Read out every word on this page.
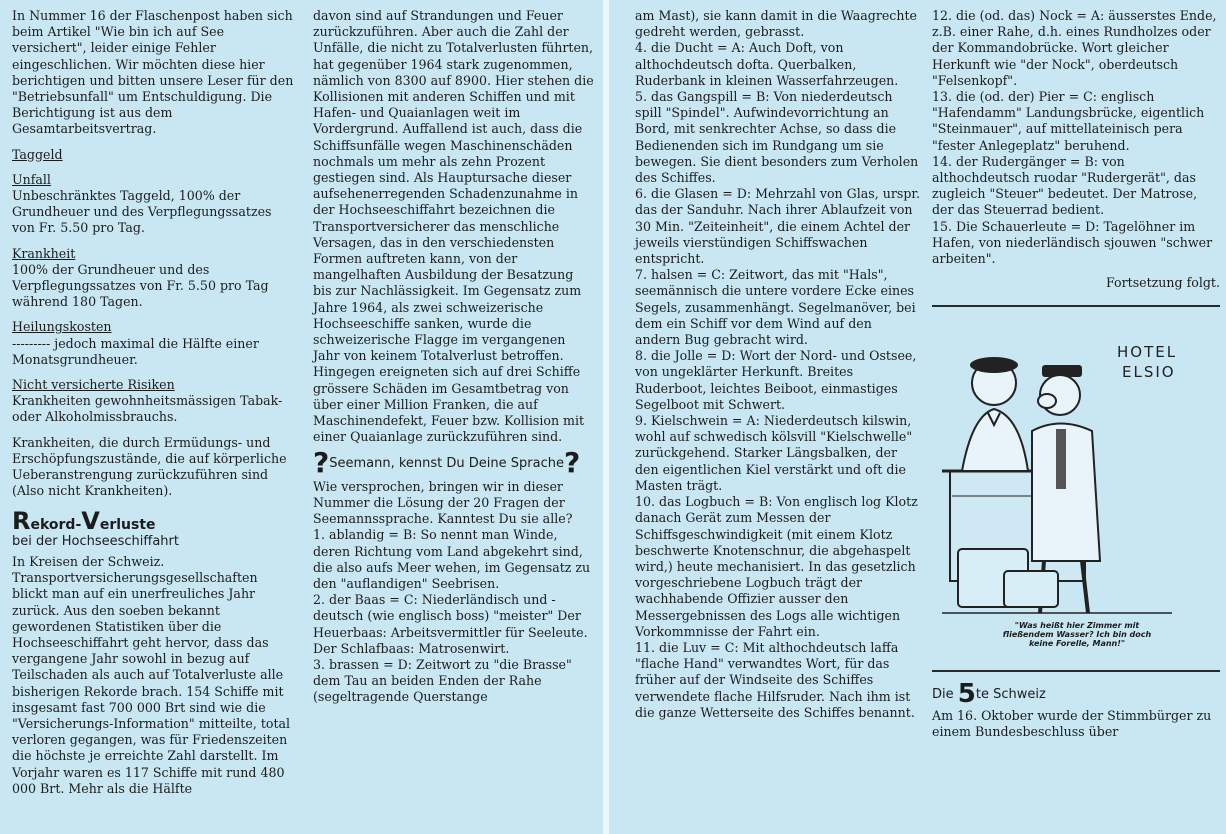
In Nummer 16 der Flaschenpost haben sich beim Artikel "Wie bin ich auf See versichert", leider einige Fehler eingeschlichen. Wir möchten diese hier berichtigen und bitten unsere Leser für den "Betriebsunfall" um Entschuldigung. Die Berichtigung ist aus dem Gesamtarbeitsvertrag.

Taggeld

Unfall

Unbeschränktes Taggeld, 100% der Grundheuer und des Verpflegungssatzes von Fr. 5.50 pro Tag.

Krankheit

100% der Grundheuer und des Verpflegungssatzes von Fr. 5.50 pro Tag während 180 Tagen.

Heilungskosten

--------- jedoch maximal die Hälfte einer Monatsgrundheuer.

Nicht versicherte Risiken

Krankheiten gewohnheitsmässigen Tabak- oder Alkoholmissbrauchs.

Krankheiten, die durch Ermüdungs- und Erschöpfungszustände, die auf körperliche Ueberanstrengung zurückzuführen sind (Also nicht Krankheiten).

Rekord-Verluste

bei der Hochseeschiffahrt

In Kreisen der Schweiz. Transportversicherungsgesellschaften blickt man auf ein unerfreuliches Jahr zurück. Aus den soeben bekannt gewordenen Statistiken über die Hochseeschiffahrt geht hervor, dass das vergangene Jahr sowohl in bezug auf Teilschaden als auch auf Totalverluste alle bisherigen Rekorde brach. 154 Schiffe mit insgesamt fast 700 000 Brt sind wie die "Versicherungs-Information" mitteilte, total verloren gegangen, was für Friedenszeiten die höchste je erreichte Zahl darstellt. Im Vorjahr waren es 117 Schiffe mit rund 480 000 Brt. Mehr als die Hälfte

davon sind auf Strandungen und Feuer zurückzuführen. Aber auch die Zahl der Unfälle, die nicht zu Totalverlusten führten, hat gegenüber 1964 stark zugenommen, nämlich von 8300 auf 8900. Hier stehen die Kollisionen mit anderen Schiffen und mit Hafen- und Quaianlagen weit im Vordergrund. Auffallend ist auch, dass die Schiffsunfälle wegen Maschinenschäden nochmals um mehr als zehn Prozent gestiegen sind. Als Hauptursache dieser aufsehenerregenden Schadenzunahme in der Hochseeschiffahrt bezeichnen die Transportversicherer das menschliche Versagen, das in den verschiedensten Formen auftreten kann, von der mangelhaften Ausbildung der Besatzung bis zur Nachlässigkeit. Im Gegensatz zum Jahre 1964, als zwei schweizerische Hochseeschiffe sanken, wurde die schweizerische Flagge im vergangenen Jahr von keinem Totalverlust betroffen. Hingegen ereigneten sich auf drei Schiffe grössere Schäden im Gesamtbetrag von über einer Million Franken, die auf Maschinendefekt, Feuer bzw. Kollision mit einer Quaianlage zurückzuführen sind.

?Seemann, kennst Du Deine Sprache?

Wie versprochen, bringen wir in dieser Nummer die Lösung der 20 Fragen der Seemannssprache. Kanntest Du sie alle?

1. ablandig = B: So nennt man Winde, deren Richtung vom Land abgekehrt sind, die also aufs Meer wehen, im Gegensatz zu den "auflandigen" Seebrisen.

2. der Baas = C: Niederländisch und -deutsch (wie englisch boss) "meister" Der Heuerbaas: Arbeitsvermittler für Seeleute. Der Schlafbaas: Matrosenwirt.

3. brassen = D: Zeitwort zu "die Brasse" dem Tau an beiden Enden der Rahe (segeltragende Querstange

am Mast), sie kann damit in die Waagrechte gedreht werden, gebrasst.

4. die Ducht = A: Auch Doft, von althochdeutsch dofta. Querbalken, Ruderbank in kleinen Wasserfahrzeugen.

5. das Gangspill = B: Von niederdeutsch spill "Spindel". Aufwindevorrichtung an Bord, mit senkrechter Achse, so dass die Bedienenden sich im Rundgang um sie bewegen. Sie dient besonders zum Verholen des Schiffes.

6. die Glasen = D: Mehrzahl von Glas, urspr. das der Sanduhr. Nach ihrer Ablaufzeit von 30 Min. "Zeiteinheit", die einem Achtel der jeweils vierstündigen Schiffswachen entspricht.

7. halsen = C: Zeitwort, das mit "Hals", seemännisch die untere vordere Ecke eines Segels, zusammenhängt. Segelmanöver, bei dem ein Schiff vor dem Wind auf den andern Bug gebracht wird.

8. die Jolle = D: Wort der Nord- und Ostsee, von ungeklärter Herkunft. Breites Ruderboot, leichtes Beiboot, einmastiges Segelboot mit Schwert.

9. Kielschwein = A: Niederdeutsch kilswin, wohl auf schwedisch kölsvill "Kielschwelle" zurückgehend. Starker Längsbalken, der den eigentlichen Kiel verstärkt und oft die Masten trägt.

10. das Logbuch = B: Von englisch log Klotz danach Gerät zum Messen der Schiffsgeschwindigkeit (mit einem Klotz beschwerte Knotenschnur, die abgehaspelt wird,) heute mechanisiert. In das gesetzlich vorgeschriebene Logbuch trägt der wachhabende Offizier ausser den Messergebnissen des Logs alle wichtigen Vorkommnisse der Fahrt ein.

11. die Luv = C: Mit althochdeutsch laffa "flache Hand" verwandtes Wort, für das früher auf der Windseite des Schiffes verwendete flache Hilfsruder. Nach ihm ist die ganze Wetterseite des Schiffes benannt.

12. die (od. das) Nock = A: äusserstes Ende, z.B. einer Rahe, d.h. eines Rundholzes oder der Kommandobrücke. Wort gleicher Herkunft wie "der Nock", oberdeutsch "Felsenkopf".

13. die (od. der) Pier = C: englisch "Hafendamm" Landungsbrücke, eigentlich "Steinmauer", auf mittellateinisch pera "fester Anlegeplatz" beruhend.

14. der Rudergänger = B: von althochdeutsch ruodar "Rudergerät", das zugleich "Steuer" bedeutet. Der Matrose, der das Steuerrad bedient.

15. Die Schauerleute = D: Tagelöhner im Hafen, von niederländisch sjouwen "schwer arbeiten".

Fortsetzung folgt.

HOTEL
ELSIO
"Was heißt hier Zimmer mit fließendem Wasser? Ich bin doch keine Forelle, Mann!"
Die 5te Schweiz

Am 16. Oktober wurde der Stimmbürger zu einem Bundesbeschluss über
